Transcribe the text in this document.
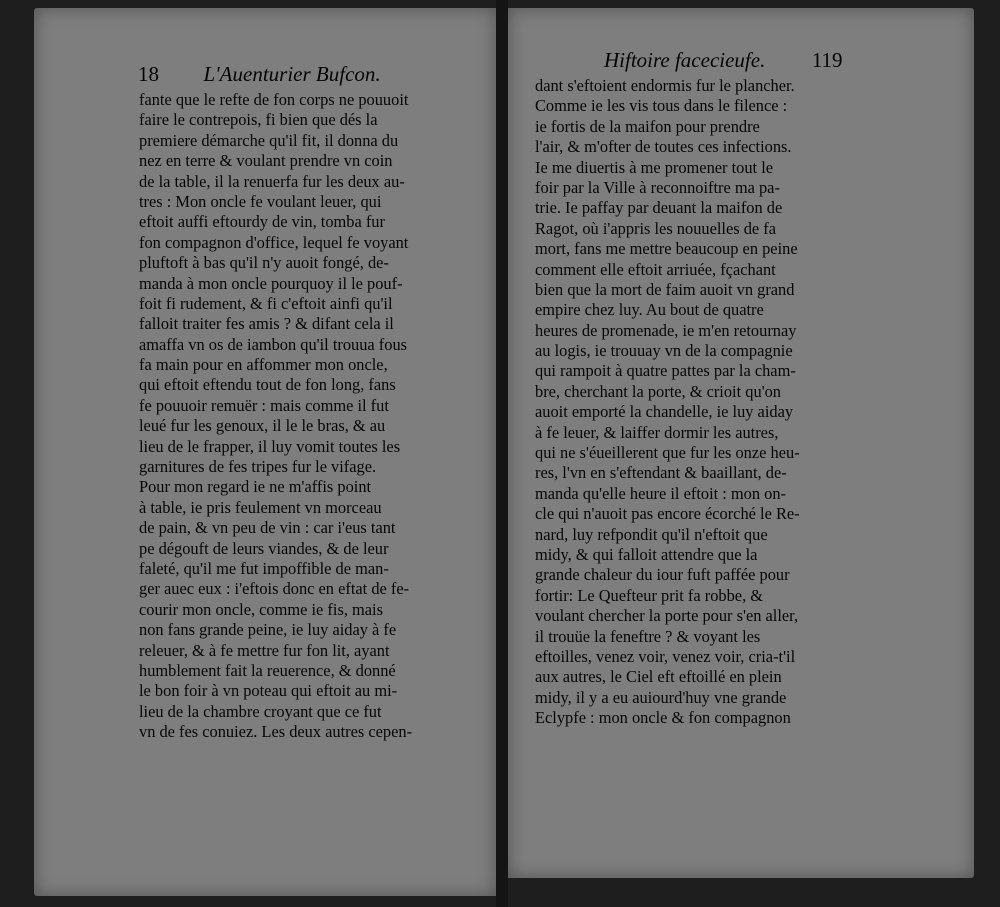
18 L'Auenturier Bufcon.
Hiftoire facecieufe. 119
fante que le refte de fon corps ne pouuoit
faire le contrepois, fi bien que dés la
premiere démarche qu'il fit, il donna du
nez en terre & voulant prendre vn coin
de la table, il la renuerfa fur les deux au-
tres : Mon oncle fe voulant leuer, qui
eftoit auffi eftourdy de vin, tomba fur
fon compagnon d'office, lequel fe voyant
pluftoft à bas qu'il n'y auoit fongé, de-
manda à mon oncle pourquoy il le pouf-
foit fi rudement, & fi c'eftoit ainfi qu'il
falloit traiter fes amis ? & difant cela il
amaffa vn os de iambon qu'il trouua fous
fa main pour en affommer mon oncle,
qui eftoit eftendu tout de fon long, fans
fe pouuoir remuër : mais comme il fut
leué fur les genoux, il le le bras, & au
lieu de le frapper, il luy vomit toutes les
garnitures de fes tripes fur le vifage.
Pour mon regard ie ne m'affis point
à table, ie pris feulement vn morceau
de pain, & vn peu de vin : car i'eus tant
pe dégouft de leurs viandes, & de leur
faleté, qu'il me fut impoffible de man-
ger auec eux : i'eftois donc en eftat de fe-
courir mon oncle, comme ie fis, mais
non fans grande peine, ie luy aiday à fe
releuer, & à fe mettre fur fon lit, ayant
humblement fait la reuerence, & donné
le bon foir à vn poteau qui eftoit au mi-
lieu de la chambre croyant que ce fut
vn de fes conuiez. Les deux autres cepen-
dant s'eftoient endormis fur le plancher.
Comme ie les vis tous dans le filence :
ie fortis de la maifon pour prendre
l'air, & m'ofter de toutes ces infections.
Ie me diuertis à me promener tout le
foir par la Ville à reconnoiftre ma pa-
trie. Ie paffay par deuant la maifon de
Ragot, où i'appris les nouuelles de fa
mort, fans me mettre beaucoup en peine
comment elle eftoit arriuée, fçachant
bien que la mort de faim auoit vn grand
empire chez luy. Au bout de quatre
heures de promenade, ie m'en retournay
au logis, ie trouuay vn de la compagnie
qui rampoit à quatre pattes par la cham-
bre, cherchant la porte, & crioit qu'on
auoit emporté la chandelle, ie luy aiday
à fe leuer, & laiffer dormir les autres,
qui ne s'éueillerent que fur les onze heu-
res, l'vn en s'eftendant & baaillant, de-
manda qu'elle heure il eftoit : mon on-
cle qui n'auoit pas encore écorché le Re-
nard, luy refpondit qu'il n'eftoit que
midy, & qui falloit attendre que la
grande chaleur du iour fuft paffée pour
fortir: Le Quefteur prit fa robbe, &
voulant chercher la porte pour s'en aller,
il trouüe la feneftre ? & voyant les
eftoilles, venez voir, venez voir, cria-t'il
aux autres, le Ciel eft eftoillé en plein
midy, il y a eu auiourd'huy vne grande
Eclypfe : mon oncle & fon compagnon
